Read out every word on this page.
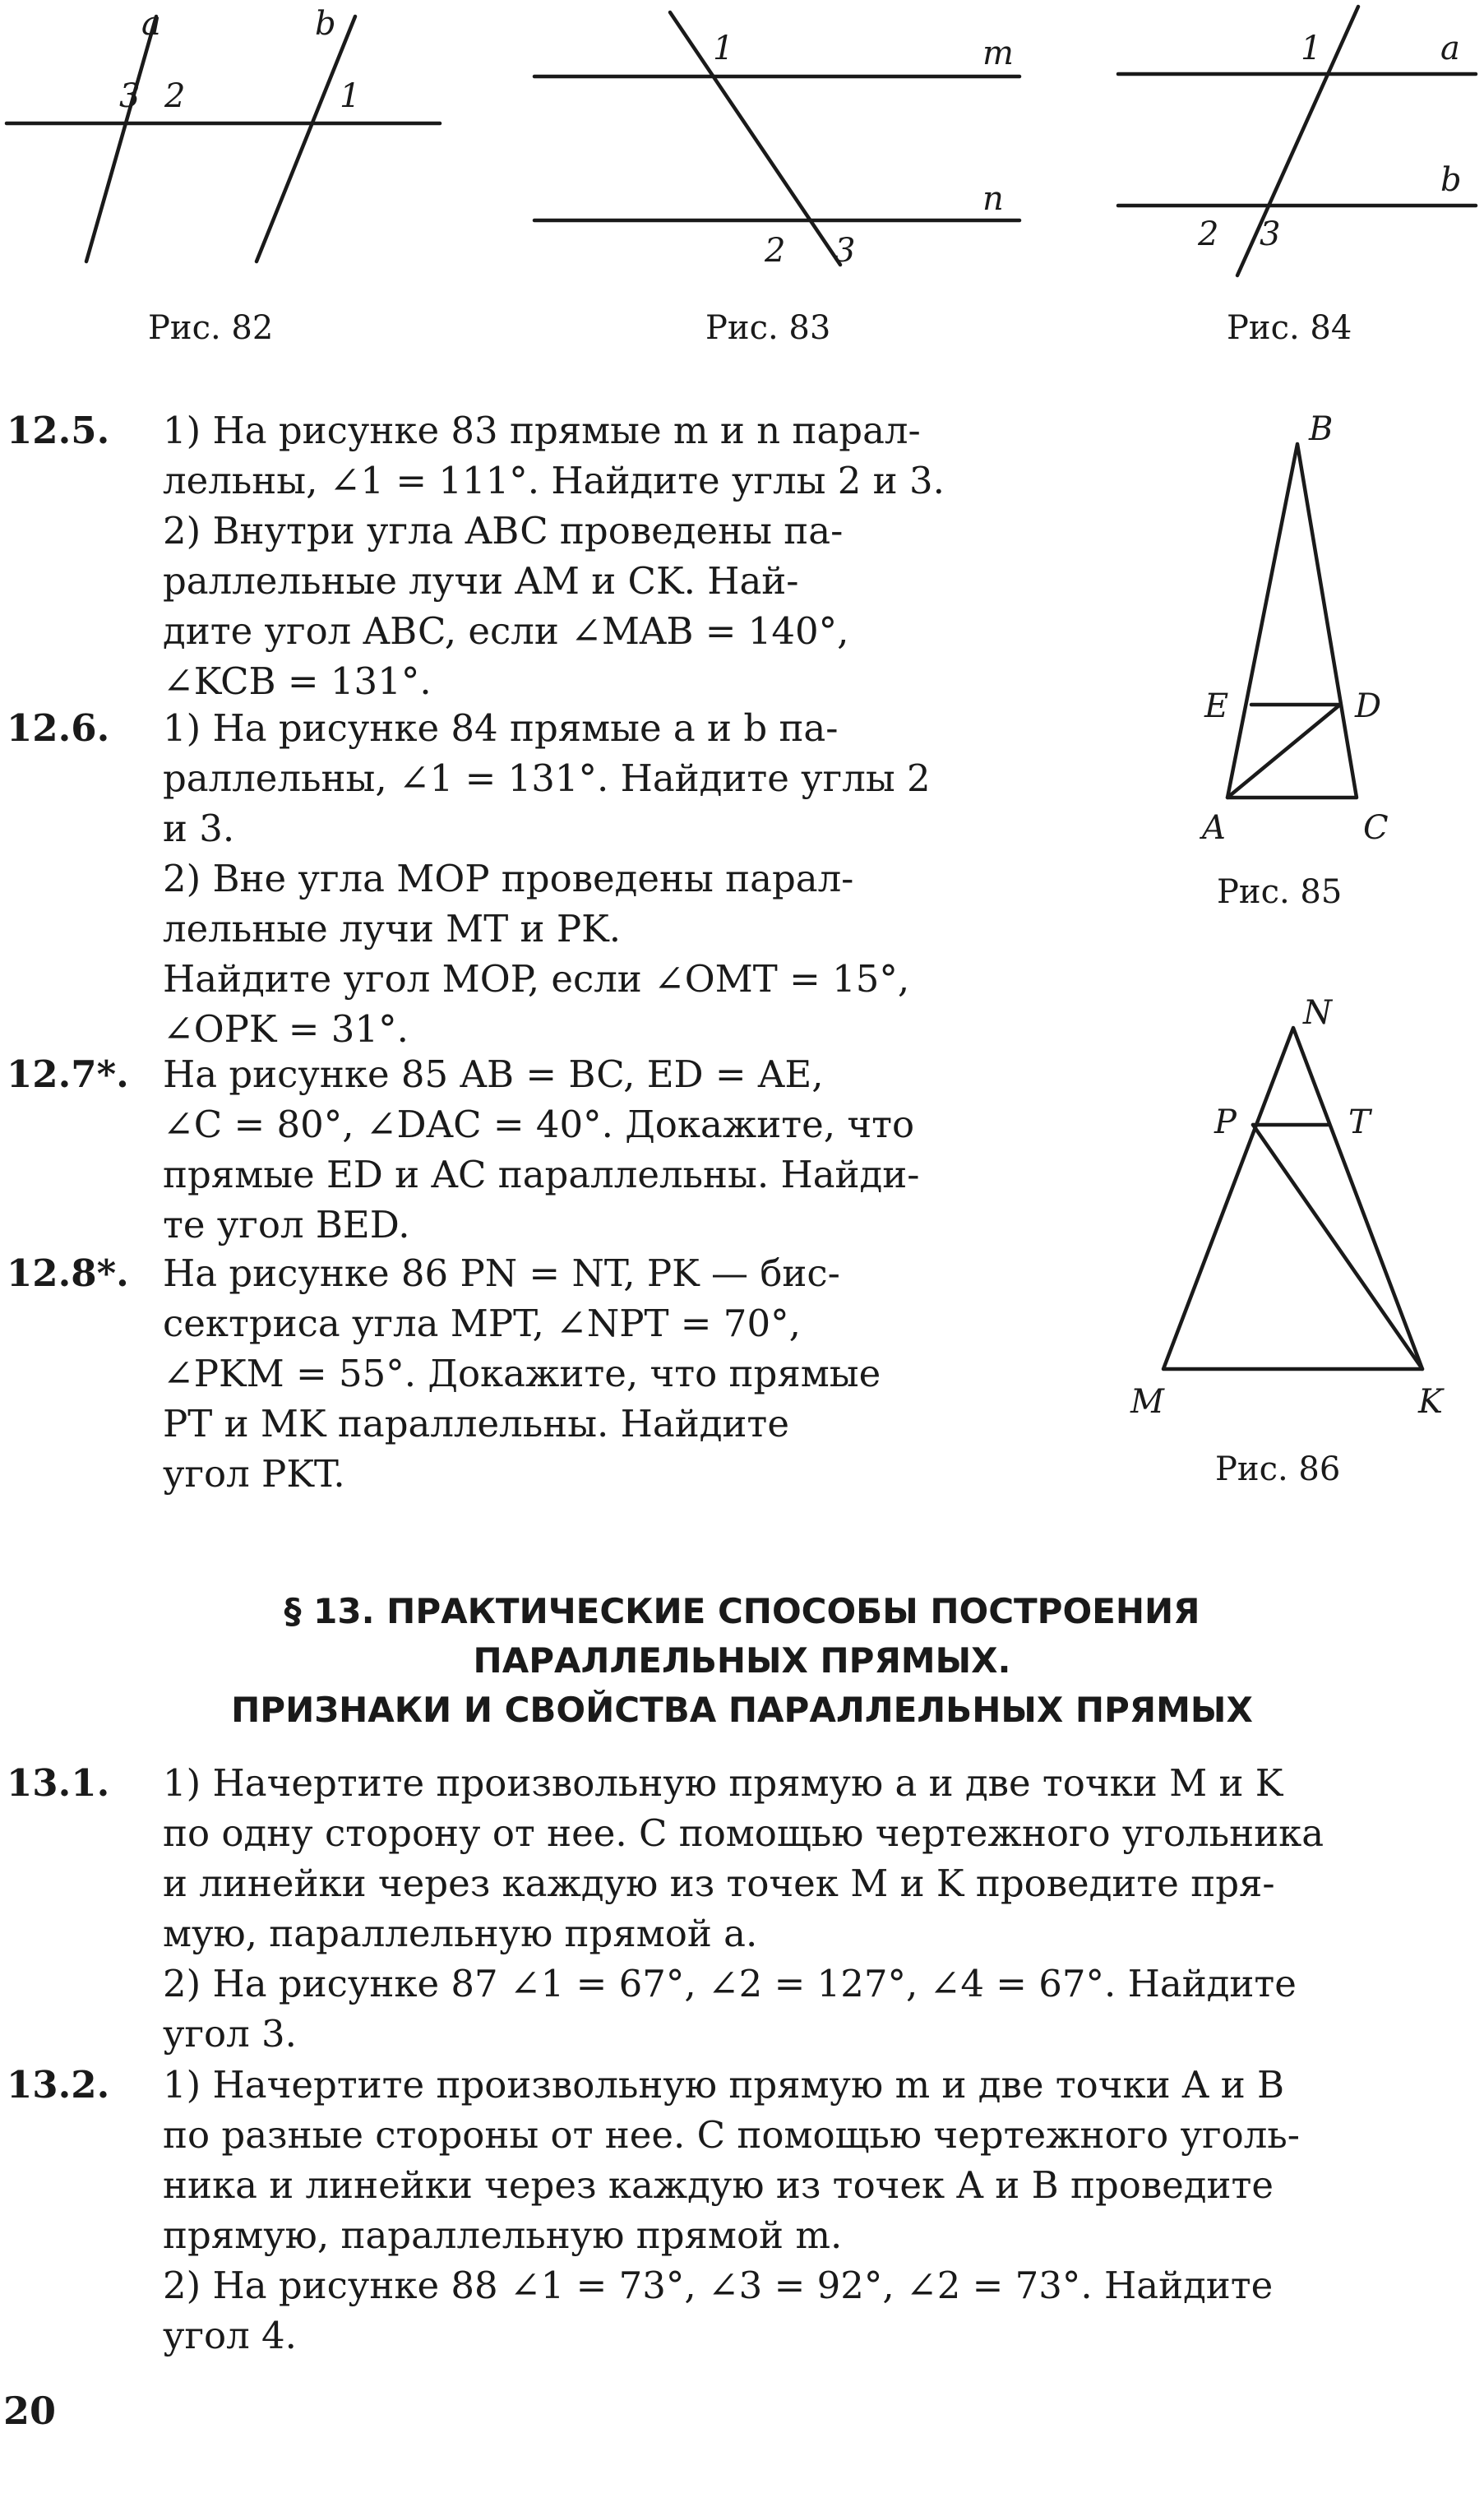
a	b
3 2	1
Рис. 82
1	m
n
2 3
Рис. 83
1	a
b
2 3
Рис. 84
B
E	D
A	C
Рис. 85
N
P	T
M	K
Рис. 86
12.5. 1) На рисунке 83 прямые m и n парал-

лельны, ∠1 = 111°. Найдите углы 2 и 3.

2) Внутри угла ABC проведены па-

раллельные лучи AM и CK. Най-

дите угол ABC, если ∠MAB = 140°,

∠KCB = 131°.

12.6. 1) На рисунке 84 прямые a и b па-

раллельны, ∠1 = 131°. Найдите углы 2

и 3.

2) Вне угла MOP проведены парал-

лельные лучи MT и PK.

Найдите угол MOP, если ∠OMT = 15°,

∠OPK = 31°.

12.7*. На рисунке 85 AB = BC, ED = AE,

∠C = 80°, ∠DAC = 40°. Докажите, что

прямые ED и AC параллельны. Найди-

те угол BED.

12.8*. На рисунке 86 PN = NT, PK — бис-

сектриса угла MPT, ∠NPT = 70°,

∠PKM = 55°. Докажите, что прямые

PT и MK параллельны. Найдите

угол PKT.

§ 13. ПРАКТИЧЕСКИЕ СПОСОБЫ ПОСТРОЕНИЯ
ПАРАЛЛЕЛЬНЫХ ПРЯМЫХ.
ПРИЗНАКИ И СВОЙСТВА ПАРАЛЛЕЛЬНЫХ ПРЯМЫХ
13.1. 1) Начертите произвольную прямую a и две точки M и K

по одну сторону от нее. С помощью чертежного угольника

и линейки через каждую из точек M и K проведите пря-

мую, параллельную прямой a.

2) На рисунке 87 ∠1 = 67°, ∠2 = 127°, ∠4 = 67°. Найдите

угол 3.

13.2. 1) Начертите произвольную прямую m и две точки A и B

по разные стороны от нее. С помощью чертежного уголь-

ника и линейки через каждую из точек A и B проведите

прямую, параллельную прямой m.

2) На рисунке 88 ∠1 = 73°, ∠3 = 92°, ∠2 = 73°. Найдите

угол 4.

20
